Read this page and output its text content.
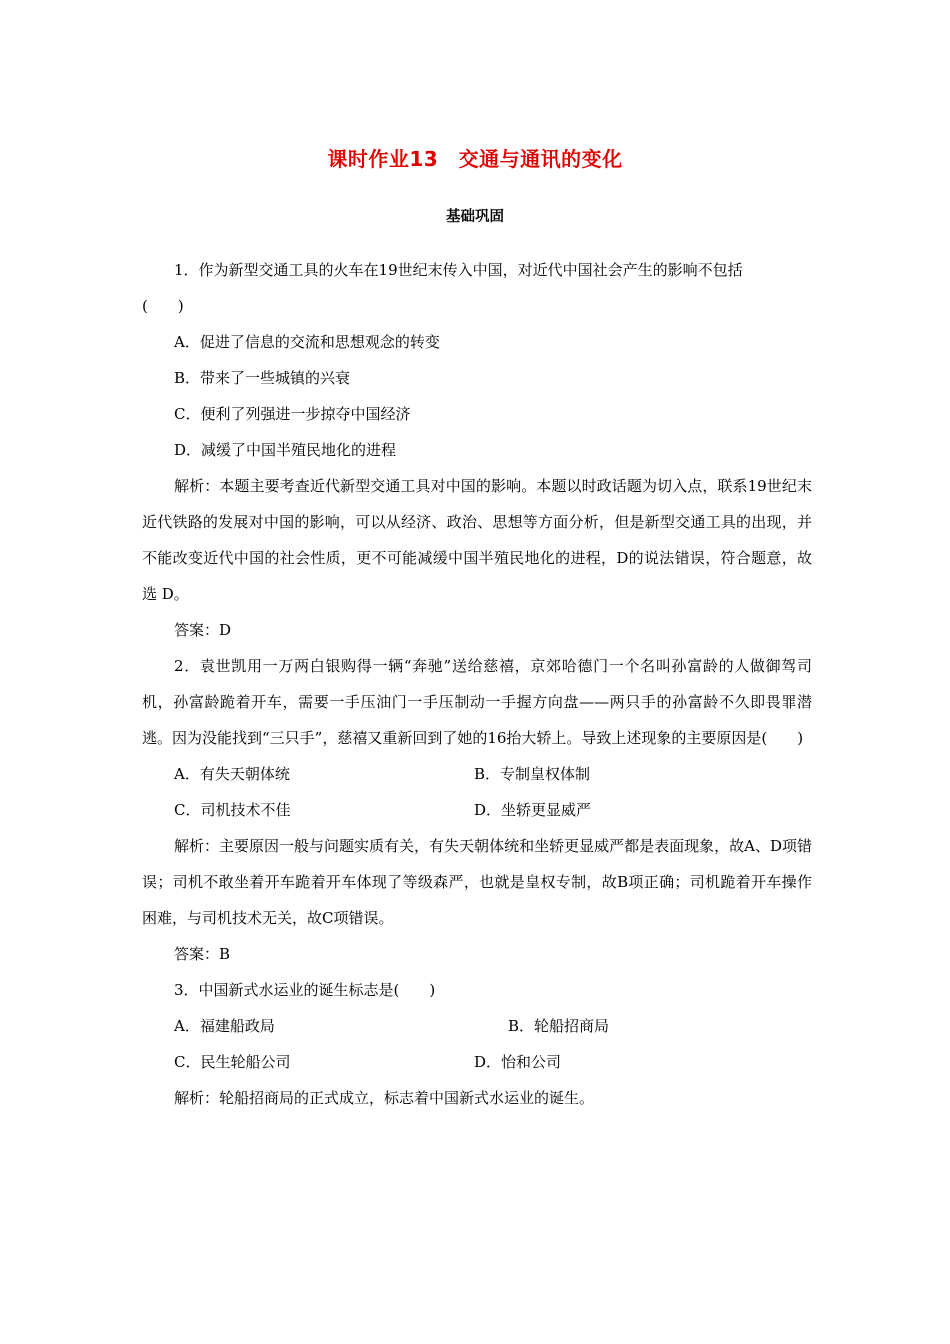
课时作业13　交通与通讯的变化
基础巩固

1．作为新型交通工具的火车在19世纪末传入中国，对近代中国社会产生的影响不包括

(　　)

A．促进了信息的交流和思想观念的转变

B．带来了一些城镇的兴衰

C．便利了列强进一步掠夺中国经济

D．减缓了中国半殖民地化的进程

解析：本题主要考查近代新型交通工具对中国的影响。本题以时政话题为切入点，联系19世纪末近代铁路的发展对中国的影响，可以从经济、政治、思想等方面分析，但是新型交通工具的出现，并不能改变近代中国的社会性质，更不可能减缓中国半殖民地化的进程，D的说法错误，符合题意，故选 D。

答案：D

2．袁世凯用一万两白银购得一辆“奔驰”送给慈禧，京郊哈德门一个名叫孙富龄的人做御驾司机，孙富龄跪着开车，需要一手压油门一手压制动一手握方向盘——两只手的孙富龄不久即畏罪潜逃。因为没能找到“三只手”，慈禧又重新回到了她的16抬大轿上。导致上述现象的主要原因是(　　)

A．有失天朝体统	B．专制皇权体制
C．司机技术不佳	D．坐轿更显威严

解析：主要原因一般与问题实质有关，有失天朝体统和坐轿更显威严都是表面现象，故A、D项错误；司机不敢坐着开车跪着开车体现了等级森严，也就是皇权专制，故B项正确；司机跪着开车操作困难，与司机技术无关，故C项错误。

答案：B

3．中国新式水运业的诞生标志是(　　)

A．福建船政局	B．轮船招商局
C．民生轮船公司	D．怡和公司

解析：轮船招商局的正式成立，标志着中国新式水运业的诞生。
